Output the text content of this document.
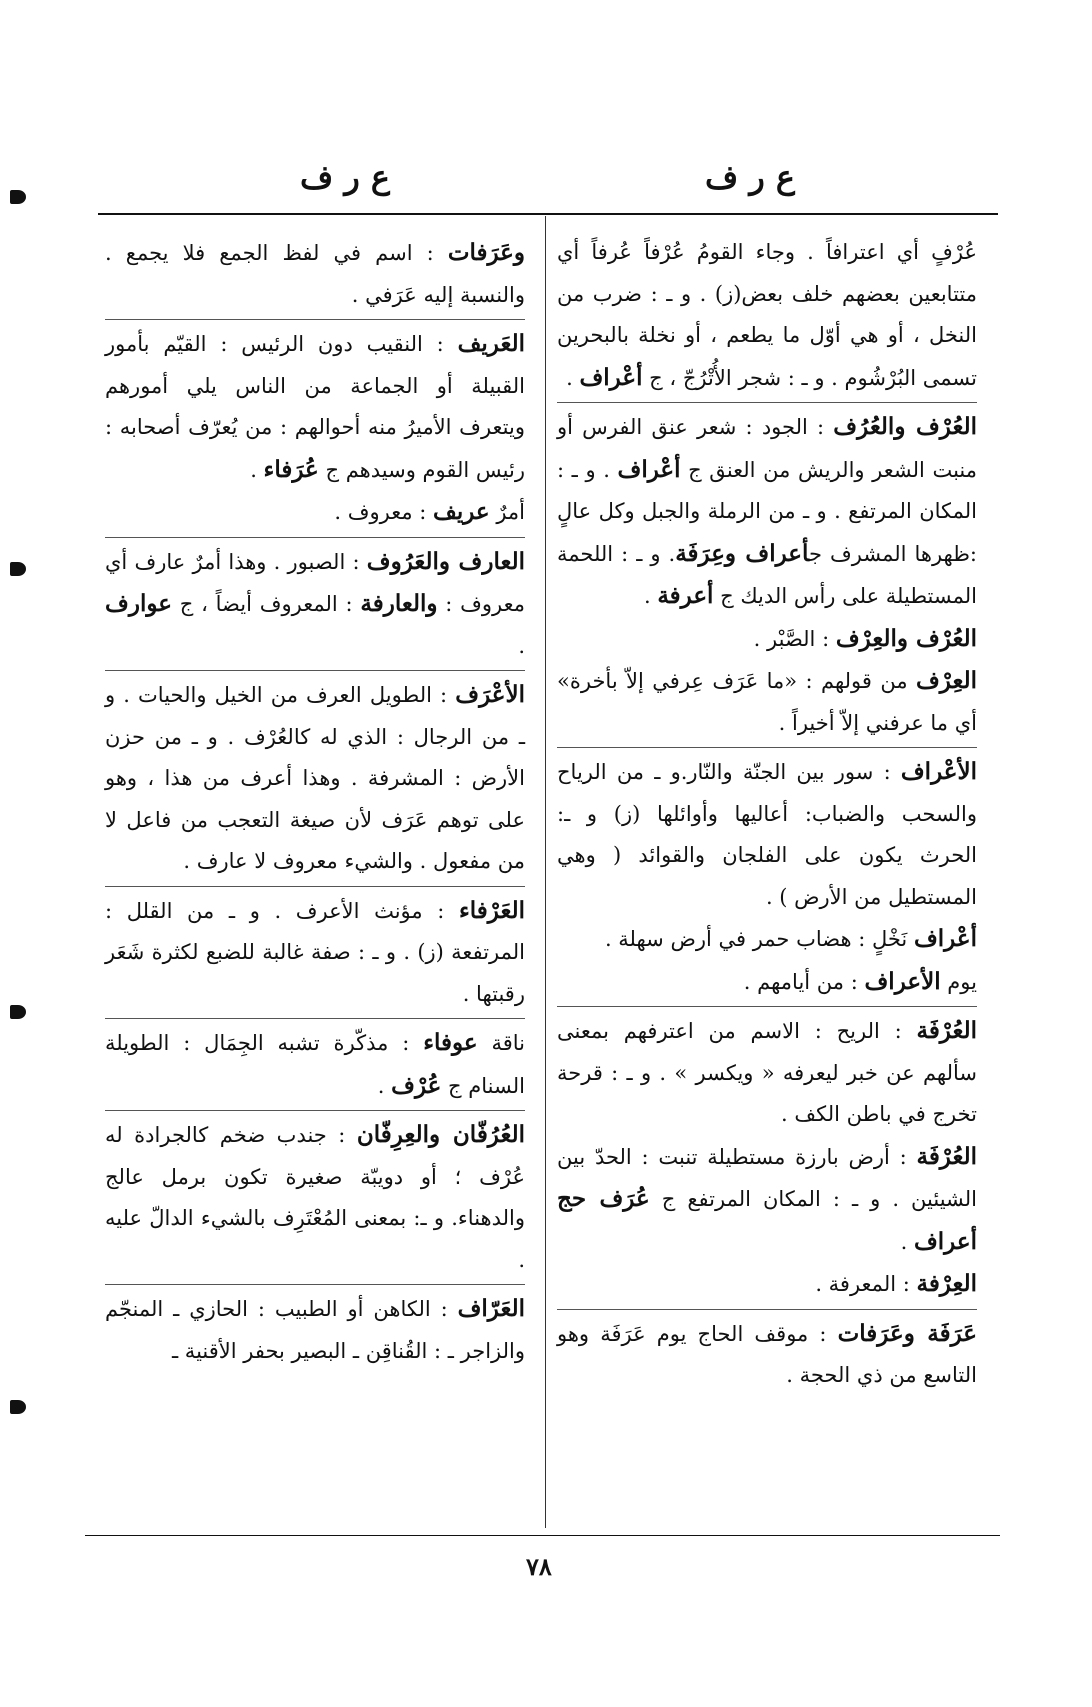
ع ر ف
ع ر ف

عُرْفٍ أي اعترافاً . وجاء القومُ عُرْفاً عُرفاً أي متتابعين بعضهم خلف بعض(ز) . و ـ : ضرب من النخل ، أو هي أوّل ما يطعم ، أو نخلة بالبحرين تسمى البُرْشُوم . و ـ : شجر الأُتْرُجّ ، ج أعْراف .

العُرْف والعُرُف : الجود : شعر عنق الفرس أو منبت الشعر والريش من العنق ج أعْراف . و ـ : المكان المرتفع . و ـ من الرملة والجبل وكل عالٍ :ظهرها المشرف جأعراف وعِرَفَة. و ـ : اللحمة المستطيلة على رأس الديك ج أعرفة .

العُرْف والعِرْف : الصَّبْر .

العِرْف من قولهم : «ما عَرَف عِرفي إلاّ بأخرة» أي ما عرفني إلاّ أخيراً .

الأعْراف : سور بين الجنّة والنّار.و ـ من الرياح والسحب والضباب: أعاليها وأوائلها (ز) و ـ: الحرث يكون على الفلجان والقوائد ( وهي المستطيل من الأرض ) .

أعْراف نَخْلٍ : هضاب حمر في أرض سهلة .

يوم الأعراف : من أيامهم .

العُرْفَة : الريح : الاسم من اعترفهم بمعنى سألهم عن خبر ليعرفه « ويكسر » . و ـ : قرحة تخرج في باطن الكف .

العُرْفَة : أرض بارزة مستطيلة تنبت : الحدّ بين الشيئين . و ـ : المكان المرتفع ج عُرَف حج أعراف .

العِرْفة : المعرفة .

عَرَفَة وعَرَفات : موقف الحاج يوم عَرَفَة وهو التاسع من ذي الحجة .

وعَرَفات : اسم في لفظ الجمع فلا يجمع . والنسبة إليه عَرَفي .

العَريف : النقيب دون الرئيس : القيّم بأمور القبيلة أو الجماعة من الناس يلي أمورهم ويتعرف الأميرُ منه أحوالهم : من يُعرّف أصحابه : رئيس القوم وسيدهم ج عُرَفاء .

أمرٌ عريف : معروف .

العارف والعَرُوف : الصبور . وهذا أمرٌ عارف أي معروف : والعارفة : المعروف أيضاً ، ج عوارف .

الأعْرَف : الطويل العرف من الخيل والحيات . و ـ من الرجال : الذي له كالعُرْف . و ـ من حزن الأرض : المشرفة . وهذا أعرف من هذا ، وهو على توهم عَرَف لأن صيغة التعجب من فاعل لا من مفعول . والشيء معروف لا عارف .

العَرْفاء : مؤنث الأعرف . و ـ من القلل : المرتفعة (ز) . و ـ : صفة غالبة للضبع لكثرة شَعَر رقبتها .

ناقة عوفاء : مذكّرة تشبه الجِمَال : الطويلة السنام ج عُرْف .

العُرُفّان والعِرِفّان : جندب ضخم كالجرادة له عُرْف ؛ أو دويبّة صغيرة تكون برمل عالج والدهناء. و ـ: بمعنى المُعْتَرِف بالشيء الدالّ عليه .

العَرّاف : الكاهن أو الطبيب : الحازي ـ المنجّم والزاجر ـ : القُناقِن ـ البصير بحفر الأقنية ـ

٧٨
